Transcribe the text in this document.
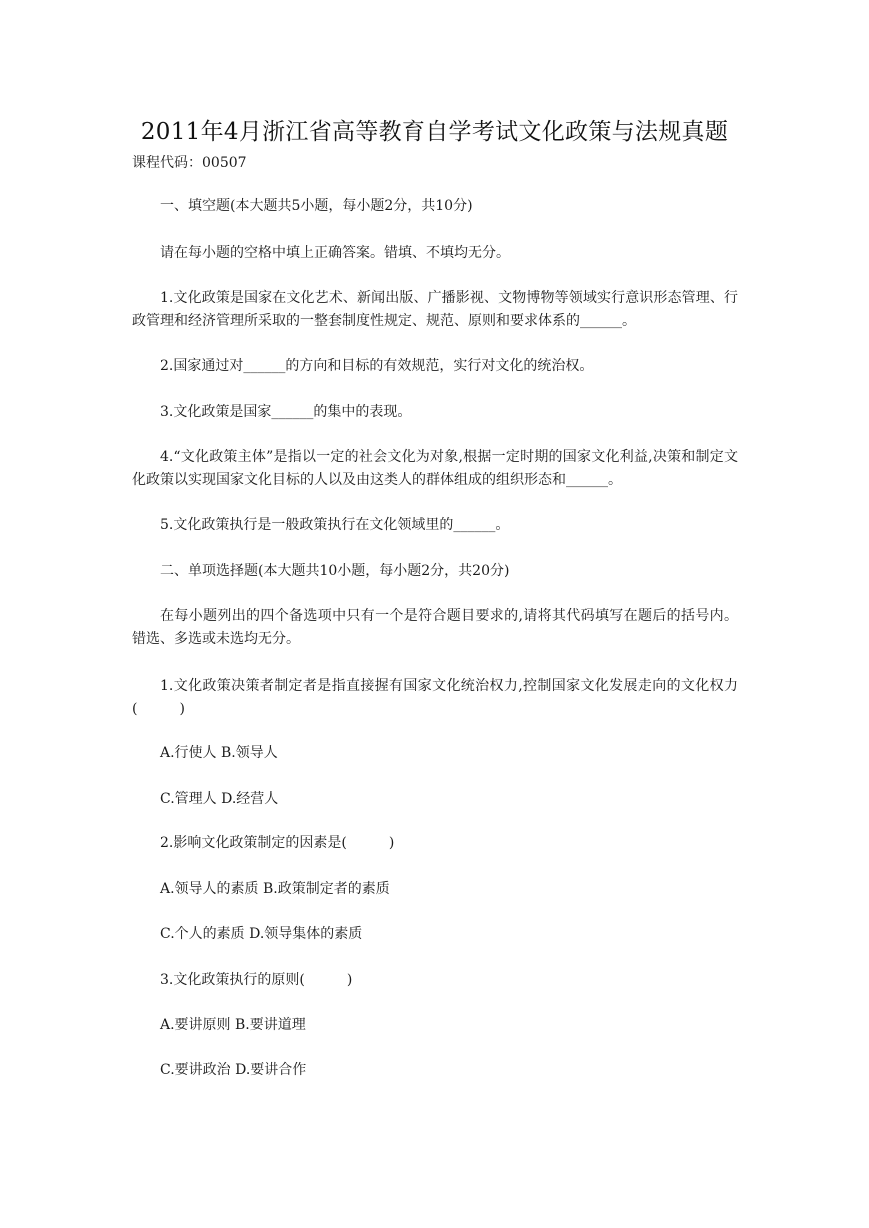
2011年4月浙江省高等教育自学考试文化政策与法规真题
课程代码：00507

一、填空题(本大题共5小题，每小题2分，共10分)

请在每小题的空格中填上正确答案。错填、不填均无分。

1.文化政策是国家在文化艺术、新闻出版、广播影视、文物博物等领域实行意识形态管理、行政管理和经济管理所采取的一整套制度性规定、规范、原则和要求体系的______。

2.国家通过对______的方向和目标的有效规范，实行对文化的统治权。

3.文化政策是国家______的集中的表现。

4.“文化政策主体”是指以一定的社会文化为对象,根据一定时期的国家文化利益,决策和制定文化政策以实现国家文化目标的人以及由这类人的群体组成的组织形态和______。

5.文化政策执行是一般政策执行在文化领域里的______。

二、单项选择题(本大题共10小题，每小题2分，共20分)

在每小题列出的四个备选项中只有一个是符合题目要求的,请将其代码填写在题后的括号内。错选、多选或未选均无分。

1.文化政策决策者制定者是指直接握有国家文化统治权力,控制国家文化发展走向的文化权力(　　　)

A.行使人 B.领导人

C.管理人 D.经营人

2.影响文化政策制定的因素是(　　　)

A.领导人的素质 B.政策制定者的素质

C.个人的素质 D.领导集体的素质

3.文化政策执行的原则(　　　)

A.要讲原则 B.要讲道理

C.要讲政治 D.要讲合作
